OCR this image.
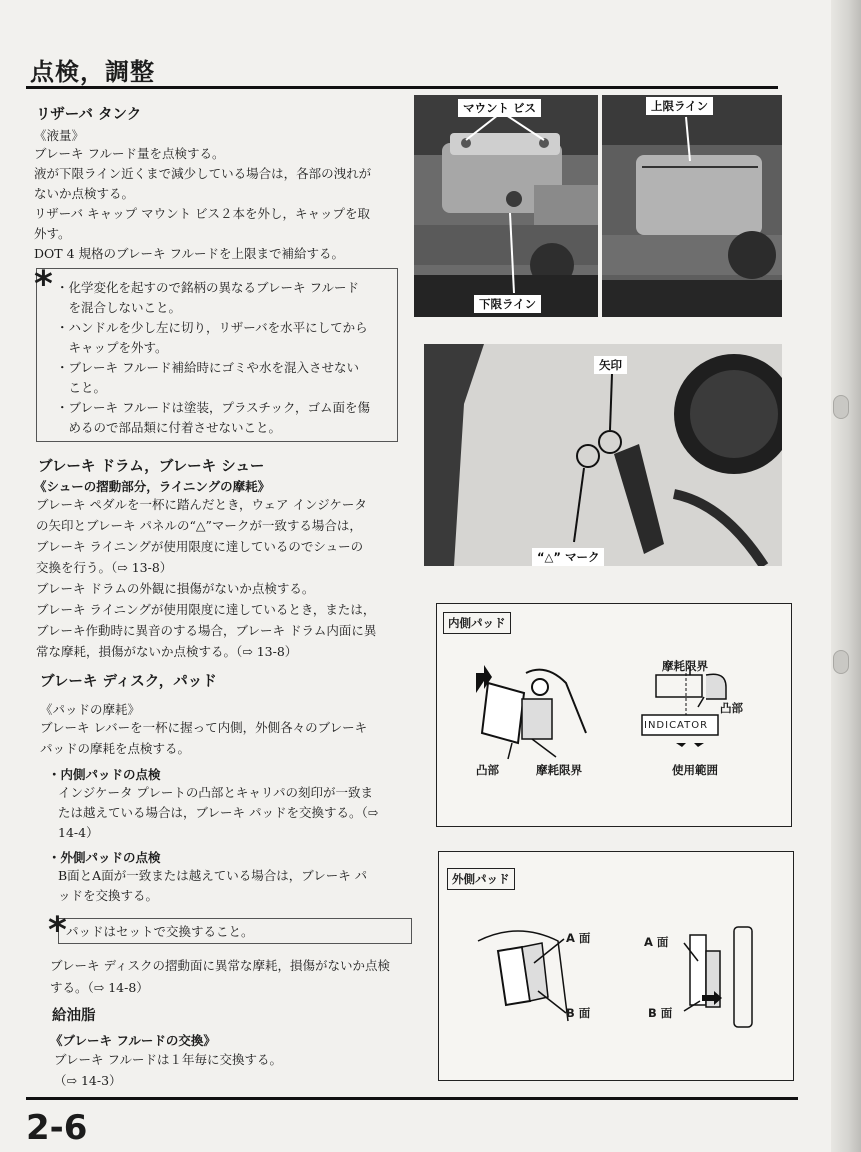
点検，調整
リザーバ タンク
《液量》
ブレーキ フルード量を点検する。
液が下限ライン近くまで減少している場合は，各部の洩れが
ないか点検する。
リザーバ キャップ マウント ビス２本を外し，キャップを取
外す。
DOT 4 規格のブレーキ フルードを上限まで補給する。
* ・化学変化を起すので銘柄の異なるブレーキ フルード
　を混合しないこと。
・ハンドルを少し左に切り，リザーバを水平にしてから
　キャップを外す。
・ブレーキ フルード補給時にゴミや水を混入させない
　こと。
・ブレーキ フルードは塗装，プラスチック，ゴム面を傷
　めるので部品類に付着させないこと。
ブレーキ ドラム，ブレーキ シュー
《シューの摺動部分，ライニングの摩耗》
ブレーキ ペダルを一杯に踏んだとき，ウェア インジケータ
の矢印とブレーキ パネルの“△”マークが一致する場合は，
ブレーキ ライニングが使用限度に達しているのでシューの
交換を行う。（⇨ 13-8）
ブレーキ ドラムの外観に損傷がないか点検する。
ブレーキ ライニングが使用限度に達しているとき，または，
ブレーキ作動時に異音のする場合，ブレーキ ドラム内面に異
常な摩耗，損傷がないか点検する。（⇨ 13-8）
ブレーキ ディスク，パッド
《パッドの摩耗》
ブレーキ レバーを一杯に握って内側，外側各々のブレーキ
パッドの摩耗を点検する。
・内側パッドの点検
インジケータ プレートの凸部とキャリパの刻印が一致ま
たは越えている場合は，ブレーキ パッドを交換する。（⇨
14-4）
・外側パッドの点検
B面とA面が一致または越えている場合は，ブレーキ パ
ッドを交換する。
* パッドはセットで交換すること。
ブレーキ ディスクの摺動面に異常な摩耗，損傷がないか点検
する。（⇨ 14-8）
給油脂
《ブレーキ フルードの交換》
ブレーキ フルードは１年毎に交換する。
（⇨ 14-3）
マウント ビス
下限ライン
上限ライン
矢印
“△” マーク
内側パッド
摩耗限界
凸部
INDICATOR
凸部	摩耗限界	使用範囲
外側パッド
A 面
B 面
A 面
B 面
2-6
